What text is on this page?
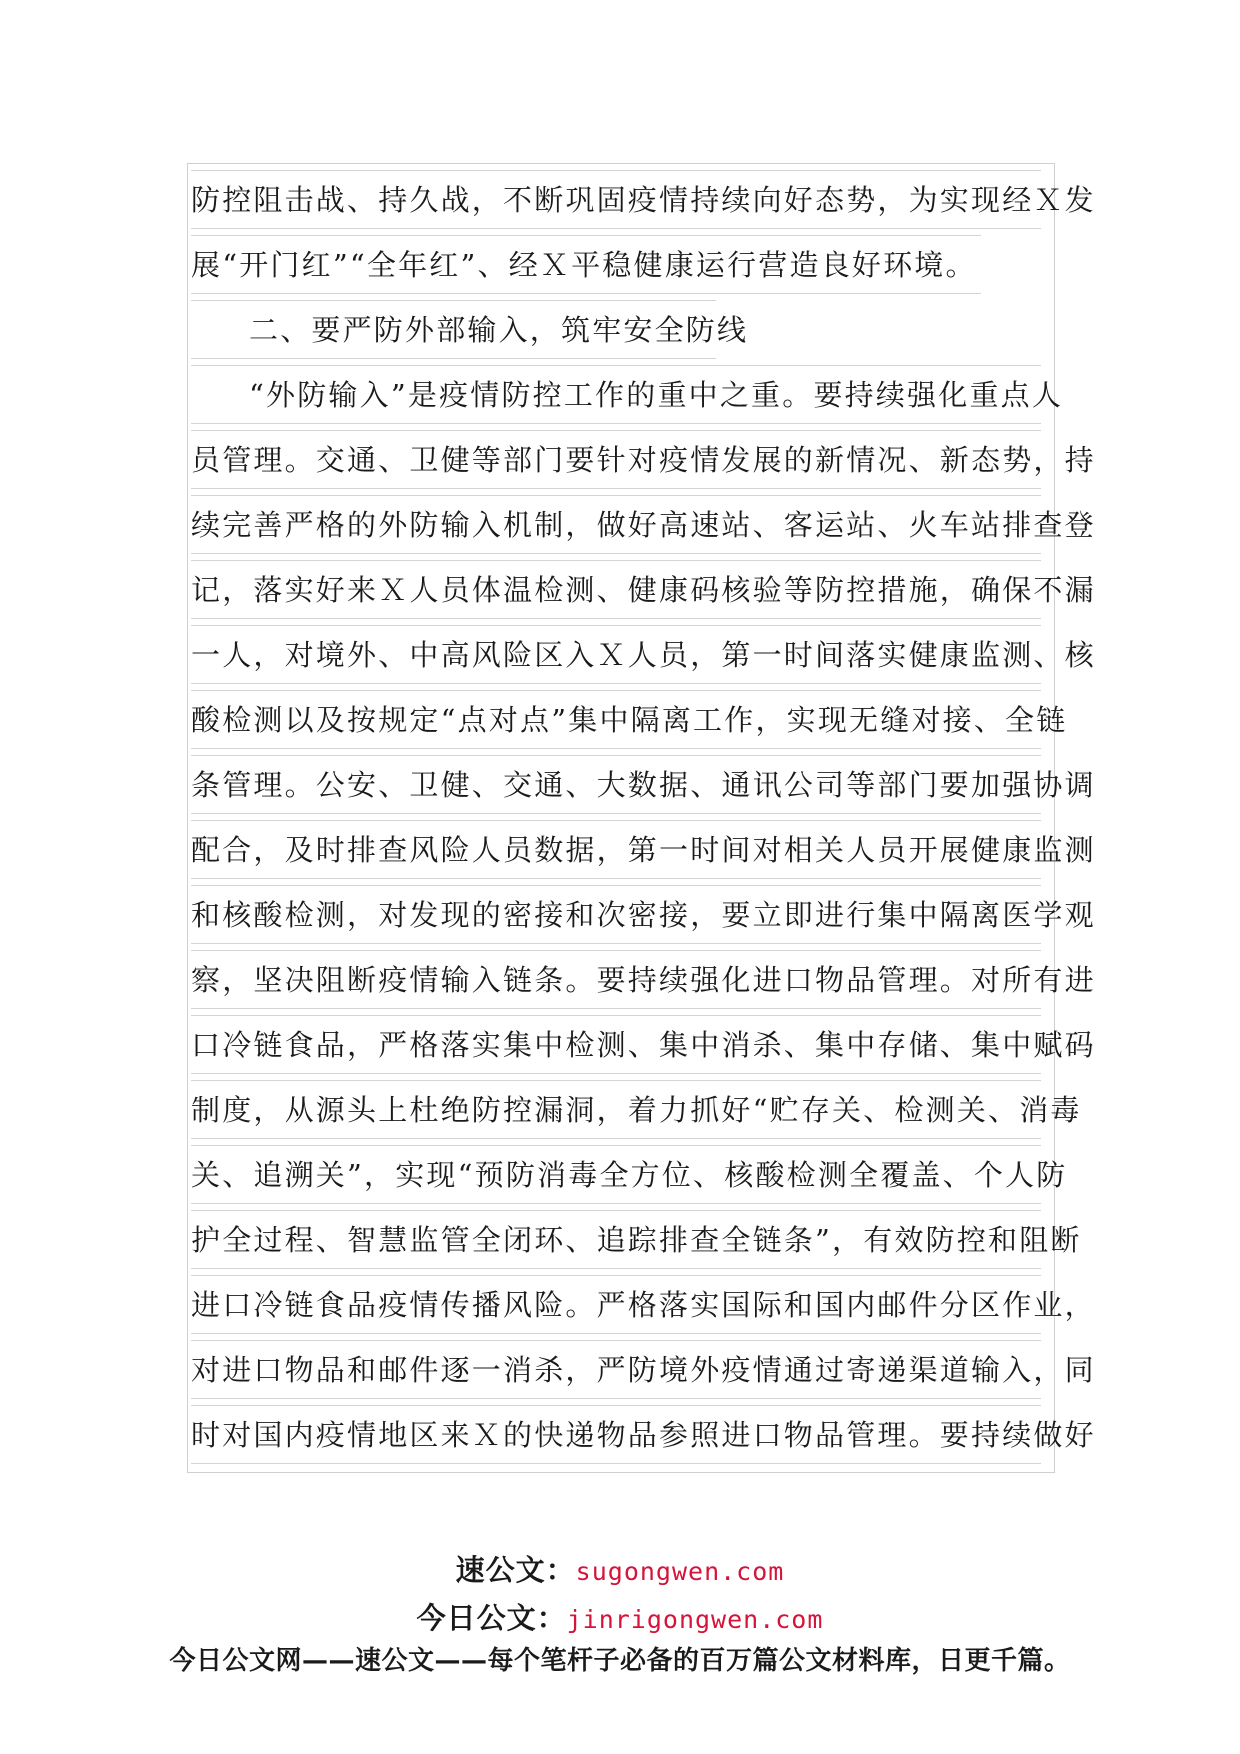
防控阻击战、持久战，不断巩固疫情持续向好态势，为实现经Ｘ发
展“开门红”“全年红”、经Ｘ平稳健康运行营造良好环境。
二、要严防外部输入，筑牢安全防线
“外防输入”是疫情防控工作的重中之重。要持续强化重点人
员管理。交通、卫健等部门要针对疫情发展的新情况、新态势，持
续完善严格的外防输入机制，做好高速站、客运站、火车站排查登
记，落实好来Ｘ人员体温检测、健康码核验等防控措施，确保不漏
一人，对境外、中高风险区入Ｘ人员，第一时间落实健康监测、核
酸检测以及按规定“点对点”集中隔离工作，实现无缝对接、全链
条管理。公安、卫健、交通、大数据、通讯公司等部门要加强协调
配合，及时排查风险人员数据，第一时间对相关人员开展健康监测
和核酸检测，对发现的密接和次密接，要立即进行集中隔离医学观
察，坚决阻断疫情输入链条。要持续强化进口物品管理。对所有进
口冷链食品，严格落实集中检测、集中消杀、集中存储、集中赋码
制度，从源头上杜绝防控漏洞，着力抓好“贮存关、检测关、消毒
关、追溯关”，实现“预防消毒全方位、核酸检测全覆盖、个人防
护全过程、智慧监管全闭环、追踪排查全链条”，有效防控和阻断
进口冷链食品疫情传播风险。严格落实国际和国内邮件分区作业，
对进口物品和邮件逐一消杀，严防境外疫情通过寄递渠道输入，同
时对国内疫情地区来Ｘ的快递物品参照进口物品管理。要持续做好
速公文：sugongwen.com
今日公文：jinrigongwen.com
今日公文网——速公文——每个笔杆子必备的百万篇公文材料库，日更千篇。
